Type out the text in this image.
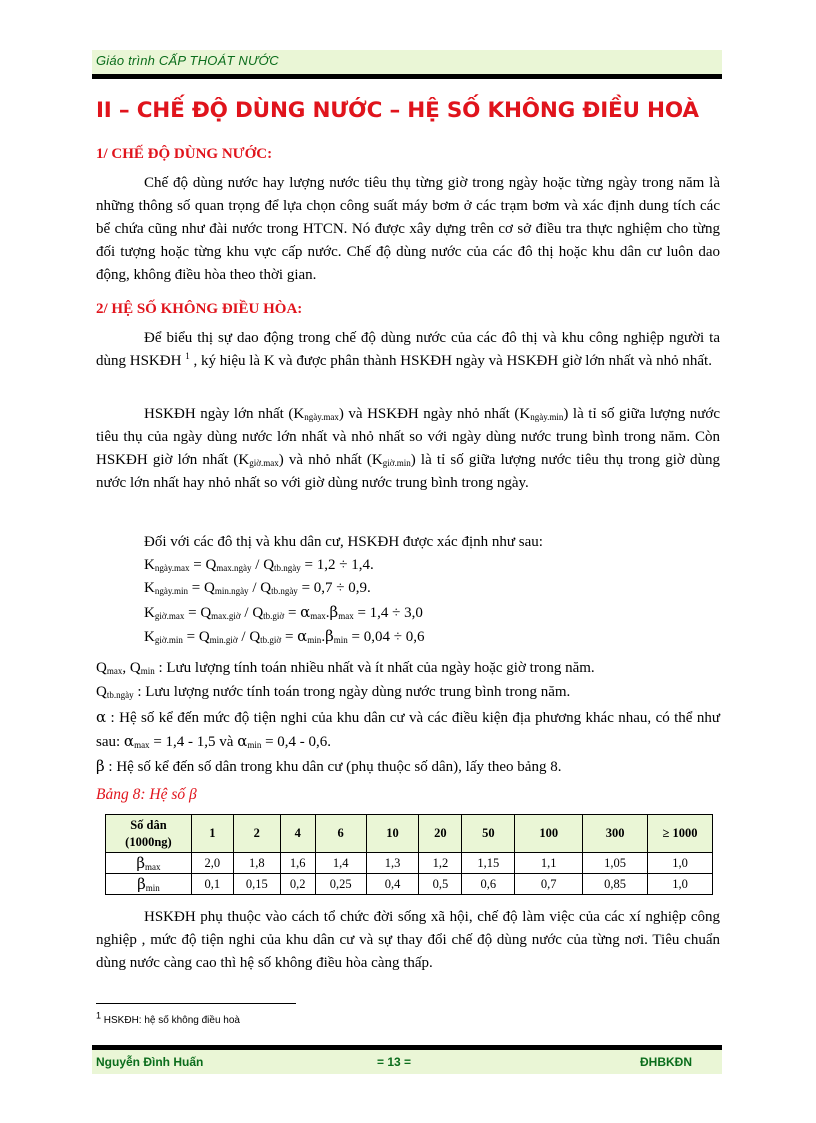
Giáo trình CẤP THOÁT NƯỚC
II – CHẾ ĐỘ DÙNG NƯỚC – HỆ SỐ KHÔNG ĐIỀU HOÀ
1/ CHẾ ĐỘ DÙNG NƯỚC:
Chế độ dùng nước hay lượng nước tiêu thụ từng giờ trong ngày hoặc từng ngày trong năm là những thông số quan trọng để lựa chọn công suất máy bơm ở các trạm bơm và xác định dung tích các bể chứa cũng như đài nước trong HTCN. Nó được xây dựng trên cơ sở điều tra thực nghiệm cho từng đối tượng hoặc từng khu vực cấp nước. Chế độ dùng nước của các đô thị hoặc khu dân cư luôn dao động, không điều hòa theo thời gian.
2/ HỆ SỐ KHÔNG ĐIỀU HÒA:
Để biểu thị sự dao động trong chế độ dùng nước của các đô thị và khu công nghiệp người ta dùng HSKĐH $^1$ , ký hiệu là K và được phân thành HSKĐH ngày và HSKĐH giờ lớn nhất và nhỏ nhất.
HSKĐH ngày lớn nhất $(K_{ngày.max})$ và HSKĐH ngày nhỏ nhất $(K_{ngày.min})$ là tỉ số giữa lượng nước tiêu thụ của ngày dùng nước lớn nhất và nhỏ nhất so với ngày dùng nước trung bình trong năm. Còn HSKĐH giờ lớn nhất $(K_{giờ.max})$ và nhỏ nhất $(K_{giờ.min})$ là tỉ số giữa lượng nước tiêu thụ trong giờ dùng nước lớn nhất hay nhỏ nhất so với giờ dùng nước trung bình trong ngày.
Đối với các đô thị và khu dân cư, HSKĐH được xác định như sau:
$K_{ngày.max} = Q_{max.ngày} / Q_{tb.ngày} = 1,2 \div 1,4$.
$K_{ngày.min} = Q_{min.ngày} / Q_{tb.ngày} = 0,7 \div 0,9$.
$K_{giờ.max} = Q_{max.giờ} / Q_{tb.giờ} = \alpha_{max}.\beta_{max} = 1,4 \div 3,0$
$K_{giờ.min} = Q_{min.giờ} / Q_{tb.giờ} = \alpha_{min}.\beta_{min} = 0,04 \div 0,6$
$Q_{max}$, $Q_{min}$ : Lưu lượng tính toán nhiều nhất và ít nhất của ngày hoặc giờ trong năm.
$Q_{tb.ngày}$ : Lưu lượng nước tính toán trong ngày dùng nước trung bình trong năm.
α : Hệ số kể đến mức độ tiện nghi của khu dân cư và các điều kiện địa phương khác nhau, có thể như sau: $\alpha_{max} = 1,4 - 1,5$ và $\alpha_{min} = 0,4 - 0,6$.
β : Hệ số kể đến số dân trong khu dân cư (phụ thuộc số dân), lấy theo bảng 8.
Bảng 8: Hệ số β
Số dân
(1000ng)	1	2	4	6	10	20	50	100	300	≥ 1000
$\beta_{max}$	2,0	1,8	1,6	1,4	1,3	1,2	1,15	1,1	1,05	1,0
$\beta_{min}$	0,1	0,15	0,2	0,25	0,4	0,5	0,6	0,7	0,85	1,0
HSKĐH phụ thuộc vào cách tổ chức đời sống xã hội, chế độ làm việc của các xí nghiệp công nghiệp , mức độ tiện nghi của khu dân cư và sự thay đổi chế độ dùng nước của từng nơi. Tiêu chuẩn dùng nước càng cao thì hệ số không điều hòa càng thấp.
$^1$ HSKĐH: hệ số không điều hoà
Nguyễn Đình Huấn	= 13 =	ĐHBKĐN
